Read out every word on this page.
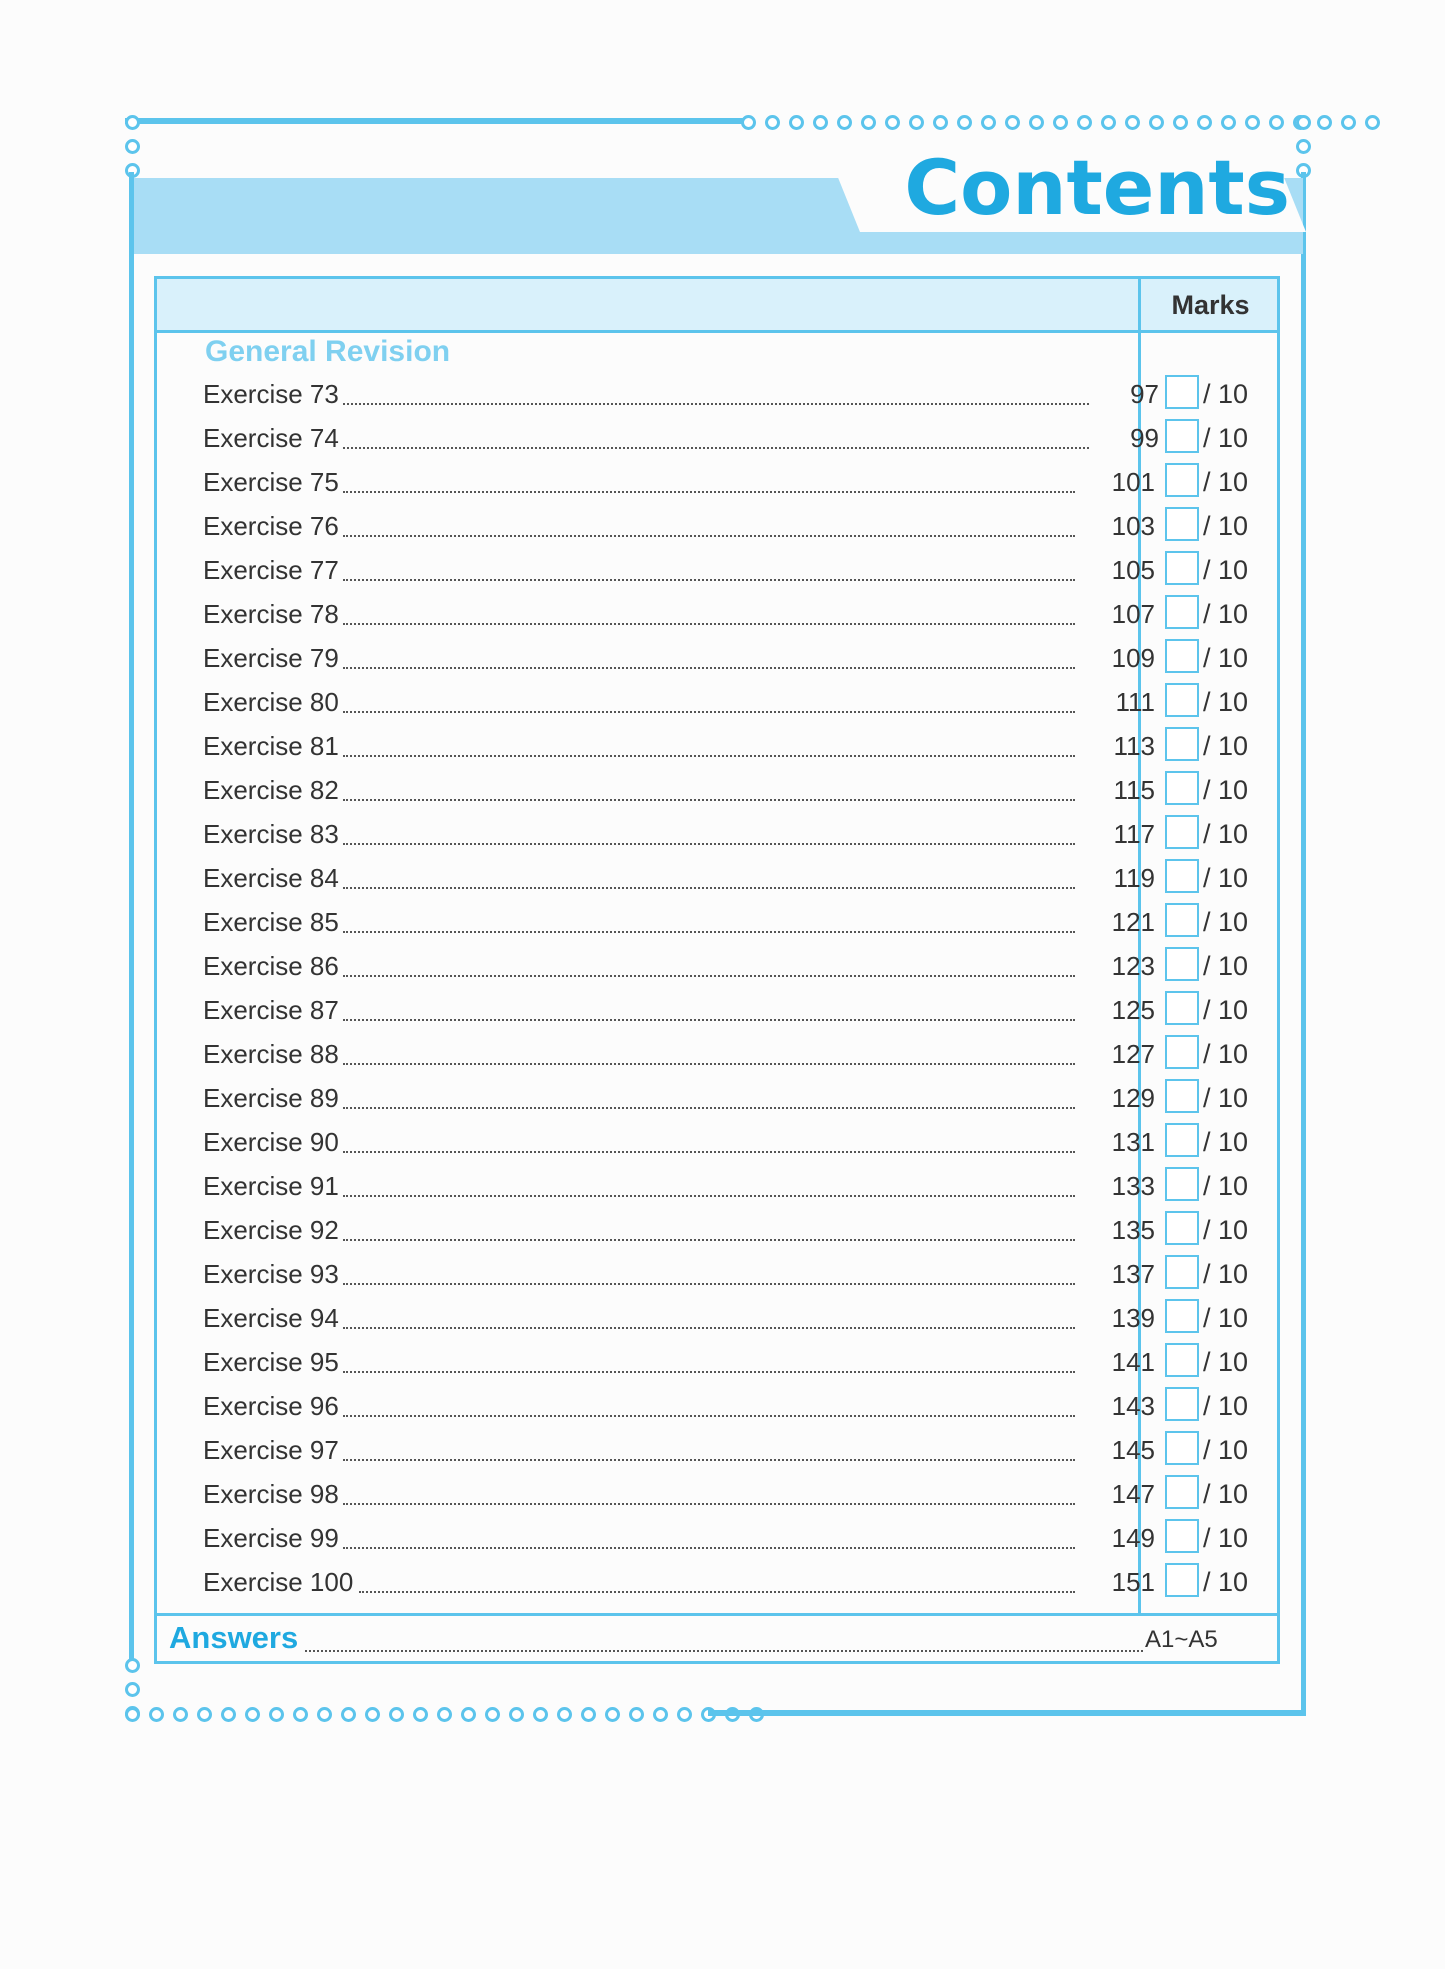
Contents
Marks
General Revision
Exercise 73	97 / 10
Exercise 74	99 / 10
Exercise 75	101 / 10
Exercise 76	103 / 10
Exercise 77	105 / 10
Exercise 78	107 / 10
Exercise 79	109 / 10
Exercise 80	111 / 10
Exercise 81	113 / 10
Exercise 82	115 / 10
Exercise 83	117 / 10
Exercise 84	119 / 10
Exercise 85	121 / 10
Exercise 86	123 / 10
Exercise 87	125 / 10
Exercise 88	127 / 10
Exercise 89	129 / 10
Exercise 90	131 / 10
Exercise 91	133 / 10
Exercise 92	135 / 10
Exercise 93	137 / 10
Exercise 94	139 / 10
Exercise 95	141 / 10
Exercise 96	143 / 10
Exercise 97	145 / 10
Exercise 98	147 / 10
Exercise 99	149 / 10
Exercise 100	151 / 10
Answers	A1~A5
